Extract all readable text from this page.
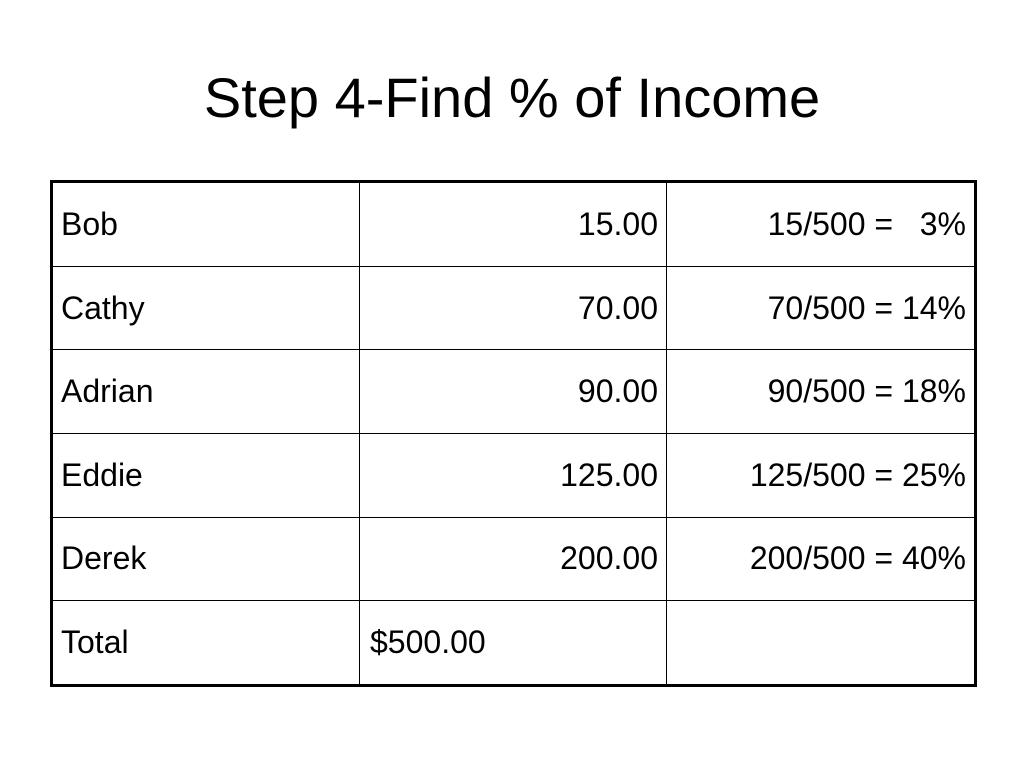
Step 4-Find % of Income
Bob	15.00	15/500 =   3%
Cathy	70.00	70/500 = 14%
Adrian	90.00	90/500 = 18%
Eddie	125.00	125/500 = 25%
Derek	200.00	200/500 = 40%
Total	$500.00	
